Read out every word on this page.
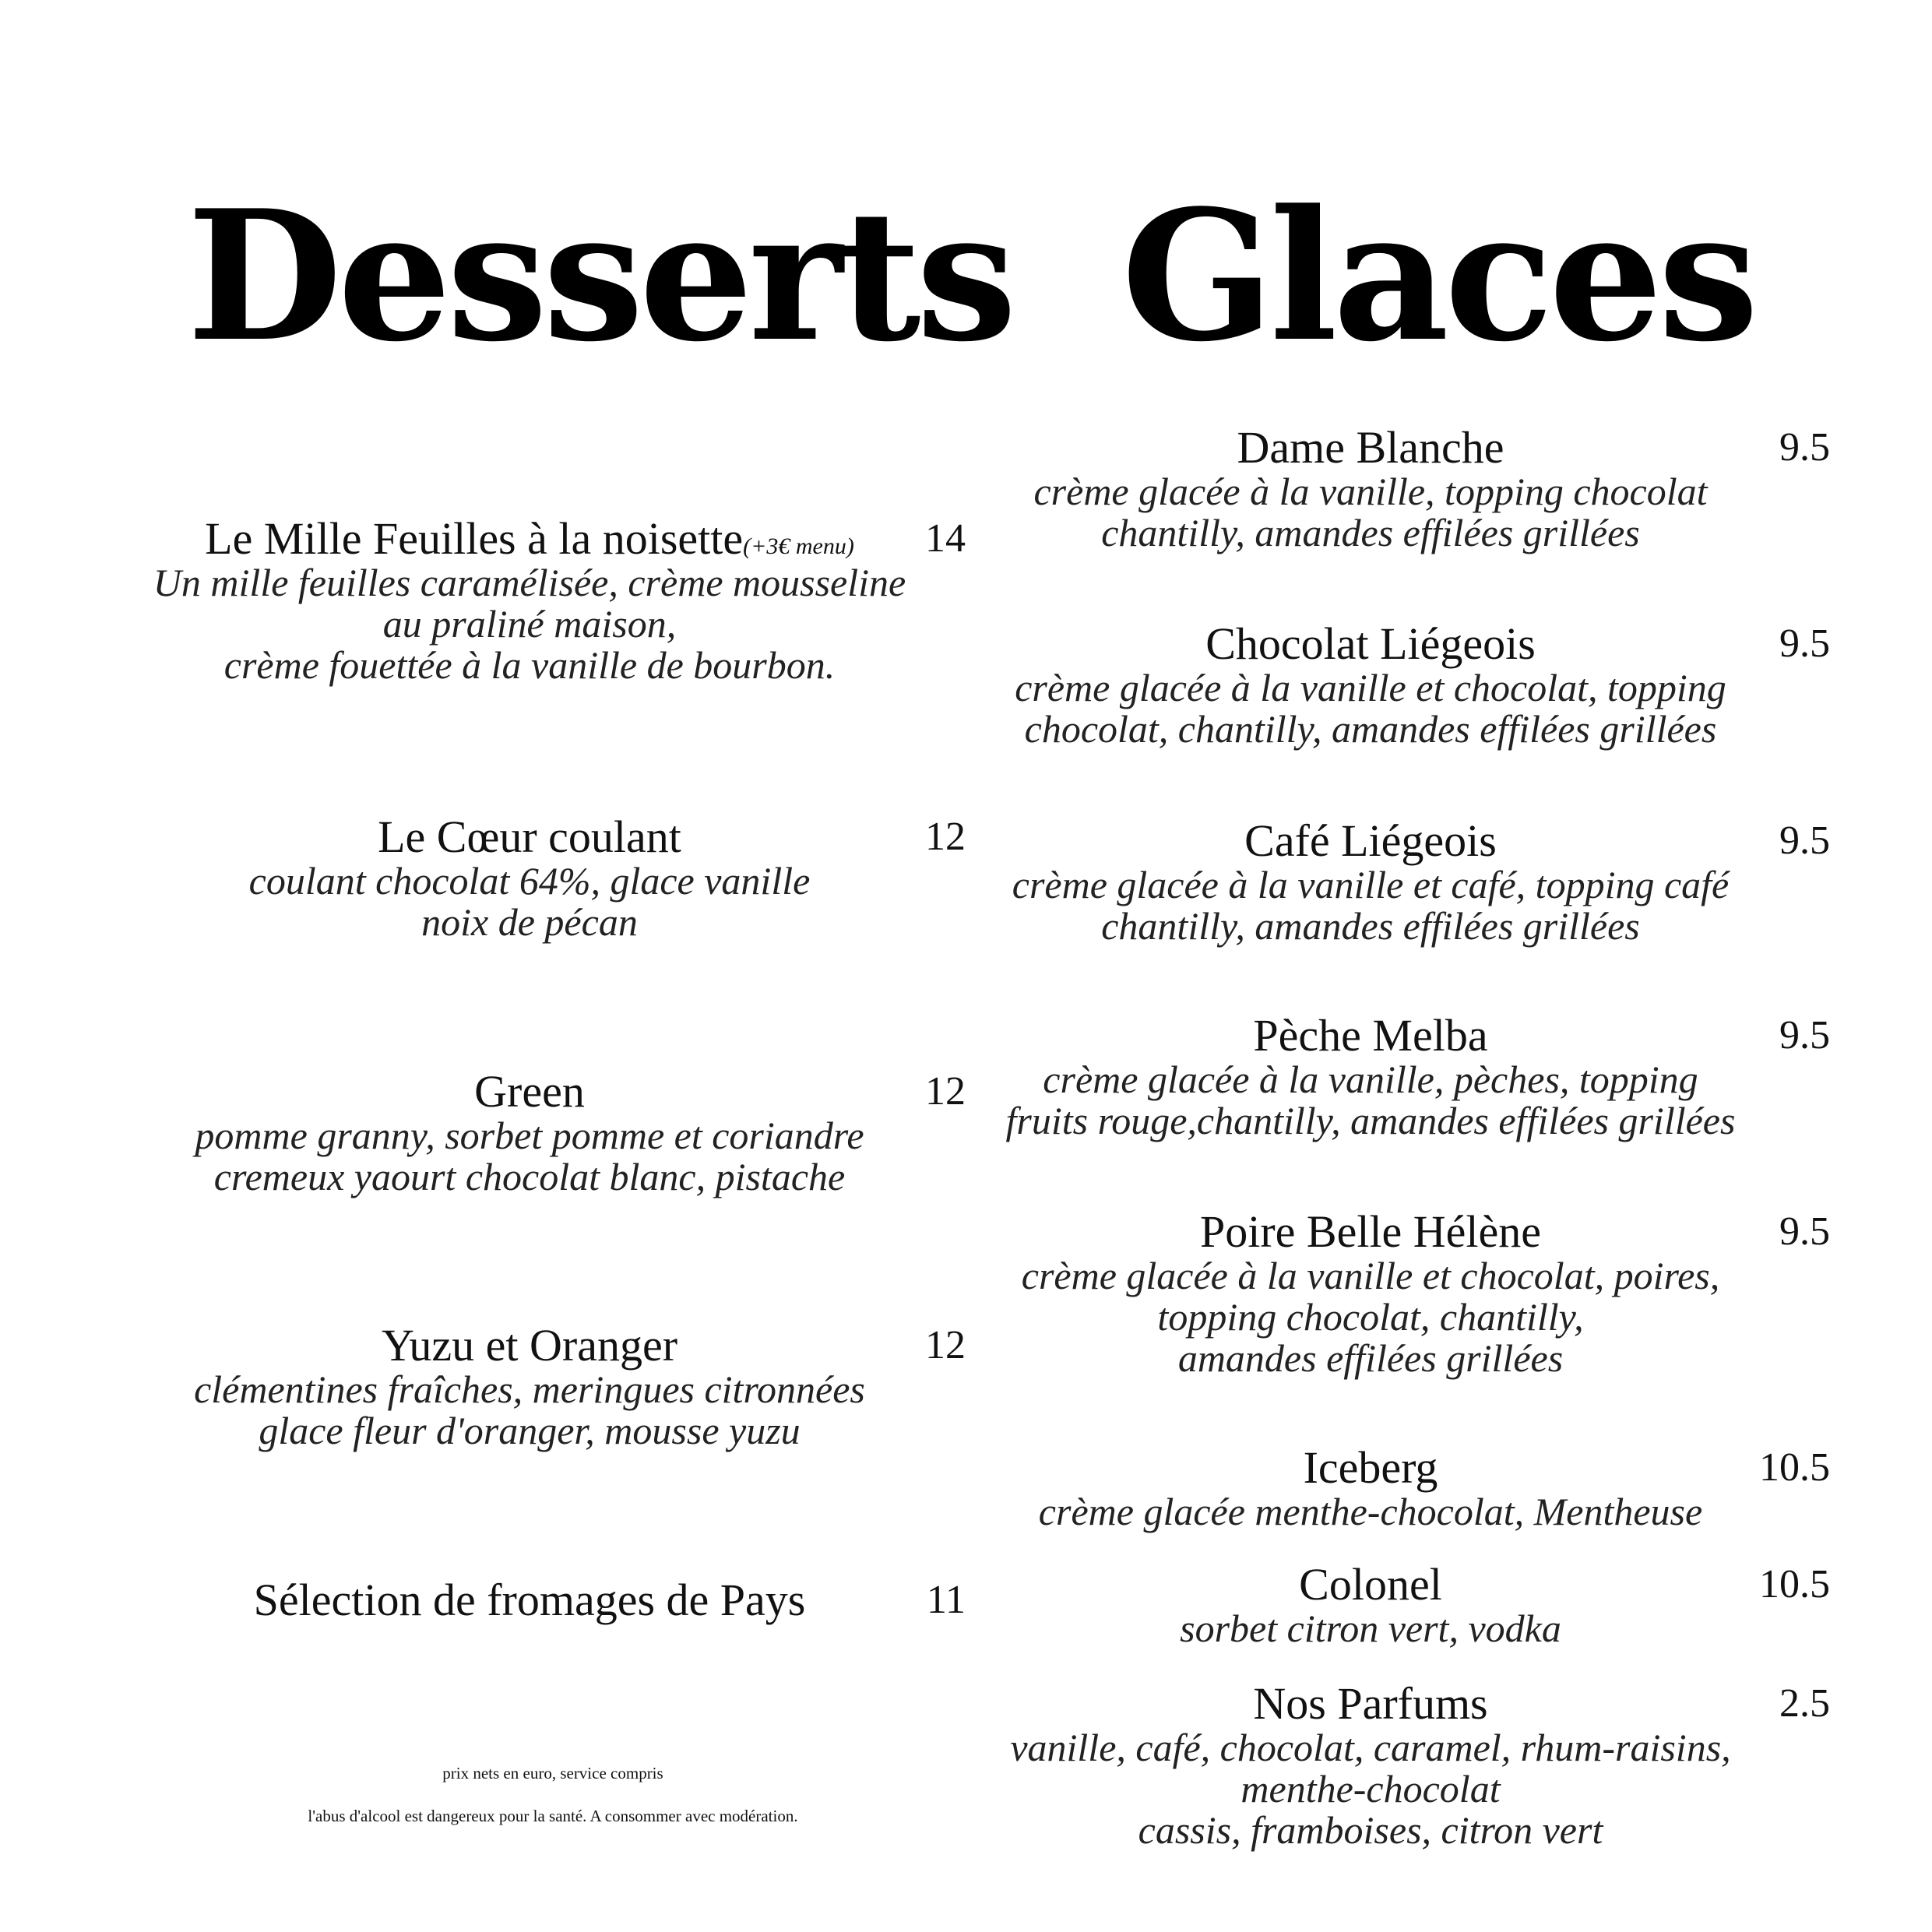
Desserts Glaces
Le Mille Feuilles à la noisette(+3€ menu)	14
Un mille feuilles caramélisée, crème mousseline
au praliné maison,
crème fouettée à la vanille de bourbon.
Le Cœur coulant	12
coulant chocolat 64%, glace vanille
noix de pécan
Green	12
pomme granny, sorbet pomme et coriandre
cremeux yaourt chocolat blanc, pistache
Yuzu et Oranger	12
clémentines fraîches, meringues citronnées
glace fleur d'oranger, mousse yuzu
Sélection de fromages de Pays	11
Dame Blanche	9.5
crème glacée à la vanille, topping chocolat
chantilly, amandes effilées grillées
Chocolat Liégeois	9.5
crème glacée à la vanille et chocolat, topping
chocolat, chantilly, amandes effilées grillées
Café Liégeois	9.5
crème glacée à la vanille et café, topping café
chantilly, amandes effilées grillées
Pèche Melba	9.5
crème glacée à la vanille, pèches, topping
fruits rouge,chantilly, amandes effilées grillées
Poire Belle Hélène	9.5
crème glacée à la vanille et chocolat, poires,
topping chocolat, chantilly,
amandes effilées grillées
Iceberg	10.5
crème glacée menthe-chocolat, Mentheuse
Colonel	10.5
sorbet citron vert, vodka
Nos Parfums	2.5
vanille, café, chocolat, caramel, rhum-raisins,
menthe-chocolat
cassis, framboises, citron vert
prix nets en euro, service compris
l'abus d'alcool est dangereux pour la santé. A consommer avec modération.
